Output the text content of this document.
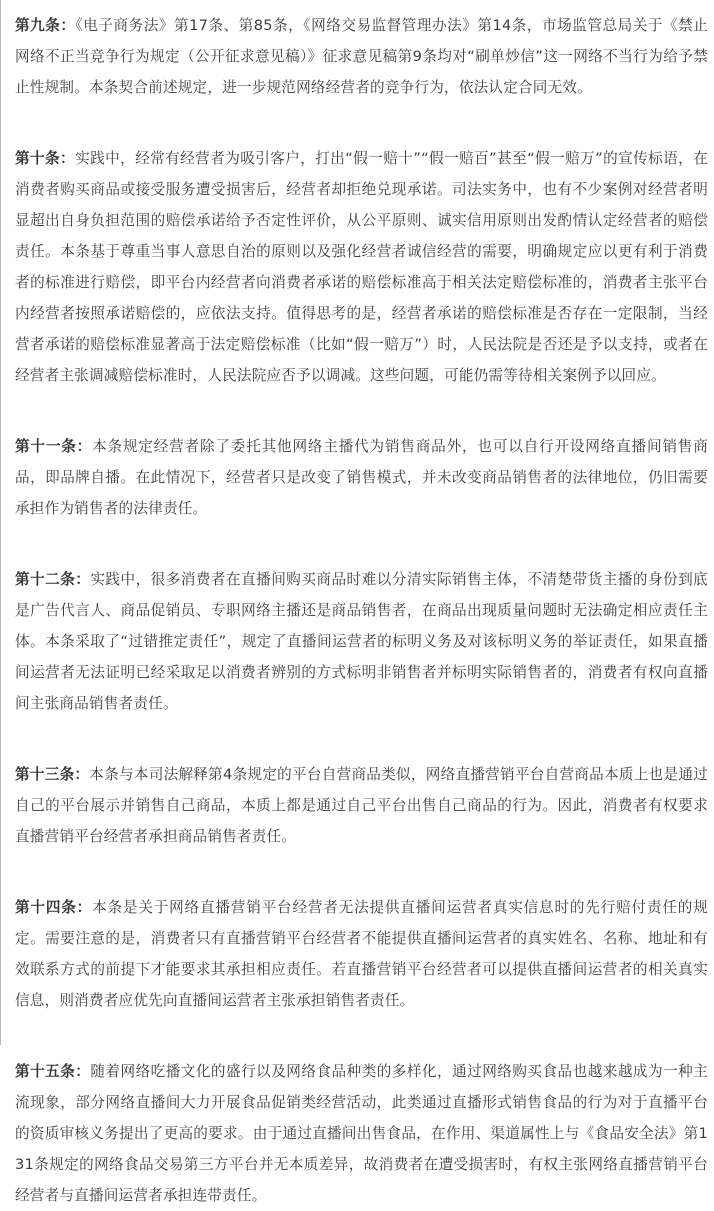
第九条：《电子商务法》第17条、第85条，《网络交易监督管理办法》第14条，市场监管总局关于《禁止网络不正当竞争行为规定（公开征求意见稿）》征求意见稿第9条均对“刷单炒信”这一网络不当行为给予禁止性规制。本条契合前述规定，进一步规范网络经营者的竞争行为，依法认定合同无效。

第十条：实践中，经常有经营者为吸引客户，打出“假一赔十”“假一赔百”甚至“假一赔万”的宣传标语，在消费者购买商品或接受服务遭受损害后，经营者却拒绝兑现承诺。司法实务中，也有不少案例对经营者明显超出自身负担范围的赔偿承诺给予否定性评价，从公平原则、诚实信用原则出发酌情认定经营者的赔偿责任。本条基于尊重当事人意思自治的原则以及强化经营者诚信经营的需要，明确规定应以更有利于消费者的标准进行赔偿，即平台内经营者向消费者承诺的赔偿标准高于相关法定赔偿标准的，消费者主张平台内经营者按照承诺赔偿的，应依法支持。值得思考的是，经营者承诺的赔偿标准是否存在一定限制，当经营者承诺的赔偿标准显著高于法定赔偿标准（比如“假一赔万”）时，人民法院是否还是予以支持，或者在经营者主张调减赔偿标准时，人民法院应否予以调减。这些问题，可能仍需等待相关案例予以回应。

第十一条：本条规定经营者除了委托其他网络主播代为销售商品外，也可以自行开设网络直播间销售商品，即品牌自播。在此情况下，经营者只是改变了销售模式，并未改变商品销售者的法律地位，仍旧需要承担作为销售者的法律责任。

第十二条：实践中，很多消费者在直播间购买商品时难以分清实际销售主体，不清楚带货主播的身份到底是广告代言人、商品促销员、专职网络主播还是商品销售者，在商品出现质量问题时无法确定相应责任主体。本条采取了“过错推定责任”，规定了直播间运营者的标明义务及对该标明义务的举证责任，如果直播间运营者无法证明已经采取足以消费者辨别的方式标明非销售者并标明实际销售者的，消费者有权向直播间主张商品销售者责任。

第十三条：本条与本司法解释第4条规定的平台自营商品类似，网络直播营销平台自营商品本质上也是通过自己的平台展示并销售自己商品，本质上都是通过自己平台出售自己商品的行为。因此，消费者有权要求直播营销平台经营者承担商品销售者责任。

第十四条：本条是关于网络直播营销平台经营者无法提供直播间运营者真实信息时的先行赔付责任的规定。需要注意的是，消费者只有直播营销平台经营者不能提供直播间运营者的真实姓名、名称、地址和有效联系方式的前提下才能要求其承担相应责任。若直播营销平台经营者可以提供直播间运营者的相关真实信息，则消费者应优先向直播间运营者主张承担销售者责任。

第十五条：随着网络吃播文化的盛行以及网络食品种类的多样化，通过网络购买食品也越来越成为一种主流现象，部分网络直播间大力开展食品促销类经营活动，此类通过直播形式销售食品的行为对于直播平台的资质审核义务提出了更高的要求。由于通过直播间出售食品，在作用、渠道属性上与《食品安全法》第131条规定的网络食品交易第三方平台并无本质差异，故消费者在遭受损害时，有权主张网络直播营销平台经营者与直播间运营者承担连带责任。
